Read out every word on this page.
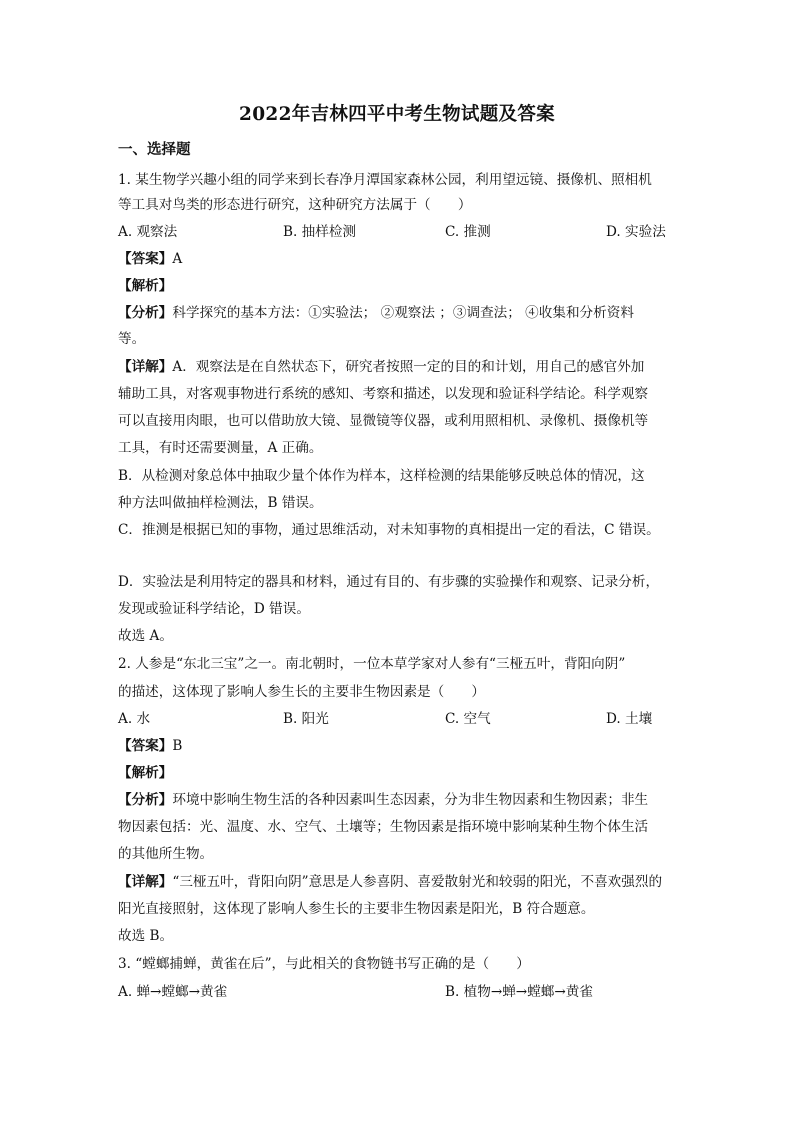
2022年吉林四平中考生物试题及答案
一、选择题
1. 某生物学兴趣小组的同学来到长春净月潭国家森林公园，利用望远镜、摄像机、照相机
等工具对鸟类的形态进行研究，这种研究方法属于（　　）
A. 观察法	B. 抽样检测	C. 推测	D. 实验法
【答案】A
【解析】
【分析】科学探究的基本方法：①实验法； ②观察法 ；③调查法； ④收集和分析资料
等。
【详解】A．观察法是在自然状态下，研究者按照一定的目的和计划，用自己的感官外加
辅助工具，对客观事物进行系统的感知、考察和描述，以发现和验证科学结论。科学观察
可以直接用肉眼，也可以借助放大镜、显微镜等仪器，或利用照相机、录像机、摄像机等
工具，有时还需要测量，A 正确。
B．从检测对象总体中抽取少量个体作为样本，这样检测的结果能够反映总体的情况，这
种方法叫做抽样检测法，B 错误。
C．推测是根据已知的事物，通过思维活动，对未知事物的真相提出一定的看法，C 错误。
D．实验法是利用特定的器具和材料，通过有目的、有步骤的实验操作和观察、记录分析，
发现或验证科学结论，D 错误。
故选 A。
2. 人参是“东北三宝”之一。南北朝时，一位本草学家对人参有“三桠五叶，背阳向阴”
的描述，这体现了影响人参生长的主要非生物因素是（　　）
A. 水	B. 阳光	C. 空气	D. 土壤
【答案】B
【解析】
【分析】环境中影响生物生活的各种因素叫生态因素，分为非生物因素和生物因素；非生
物因素包括：光、温度、水、空气、土壤等；生物因素是指环境中影响某种生物个体生活
的其他所生物。
【详解】“三桠五叶，背阳向阴”意思是人参喜阴、喜爱散射光和较弱的阳光，不喜欢强烈的
阳光直接照射，这体现了影响人参生长的主要非生物因素是阳光，B 符合题意。
故选 B。
3. “螳螂捕蝉，黄雀在后”，与此相关的食物链书写正确的是（　　）
A. 蝉→螳螂→黄雀	B. 植物→蝉→螳螂→黄雀
